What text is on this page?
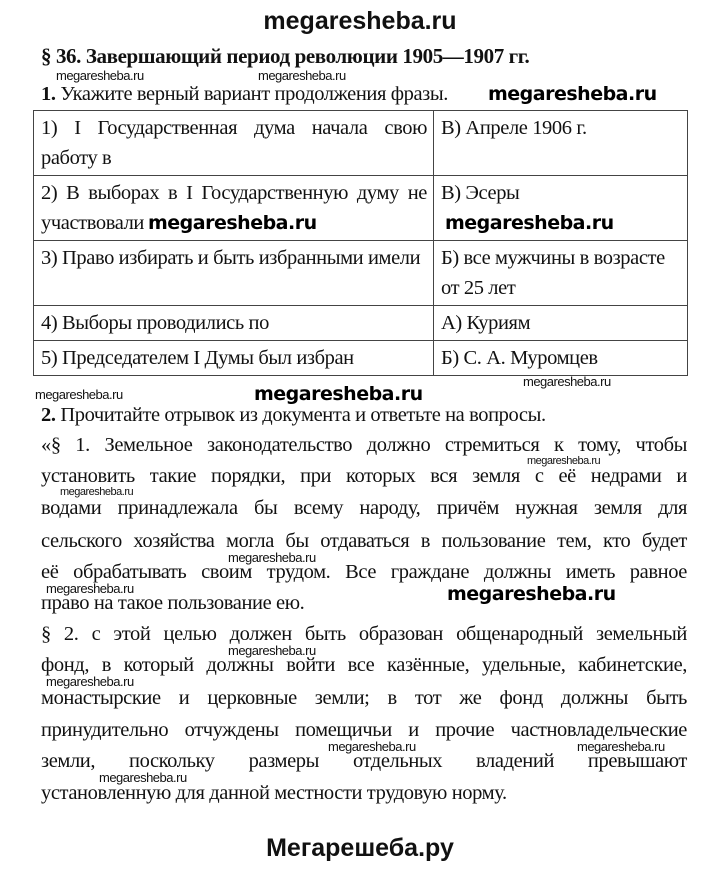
megaresheba.ru
§ 36. Завершающий период революции 1905—1907 гг.
megaresheba.ru	megaresheba.ru
1. Укажите верный вариант продолжения фразы. megaresheba.ru
1) I Государственная дума начала свою работу в	В) Апреле 1906 г.
2) В выборах в I Государственную думу не участвовали megaresheba.ru	В) Эсеры
megaresheba.ru
3) Право избирать и быть избранными имели	Б) все мужчины в возрасте от 25 лет
4) Выборы проводились по	А) Куриям
5) Председателем I Думы был избран	Б) С. А. Муромцев
megaresheba.ru
megaresheba.ru	megaresheba.ru
2. Прочитайте отрывок из документа и ответьте на вопросы.
«§ 1. Земельное законодательство должно стремиться к тому, чтобы
megaresheba.ru
установить такие порядки, при которых вся земля с её недрами и
megaresheba.ru
водами принадлежала бы всему народу, причём нужная земля для
сельского хозяйства могла бы отдаваться в пользование тем, кто будет
megaresheba.ru
её обрабатывать своим трудом. Все граждане должны иметь равное
megaresheba.ru	megaresheba.ru
право на такое пользование ею.
§ 2. с этой целью должен быть образован общенародный земельный
megaresheba.ru
фонд, в который должны войти все казённые, удельные, кабинетские,
megaresheba.ru
монастырские и церковные земли; в тот же фонд должны быть
принудительно отчуждены помещичьи и прочие частновладельческие
megaresheba.ru	megaresheba.ru
земли, поскольку размеры отдельных владений превышают
megaresheba.ru
установленную для данной местности трудовую норму.
Мегарешеба.ру
